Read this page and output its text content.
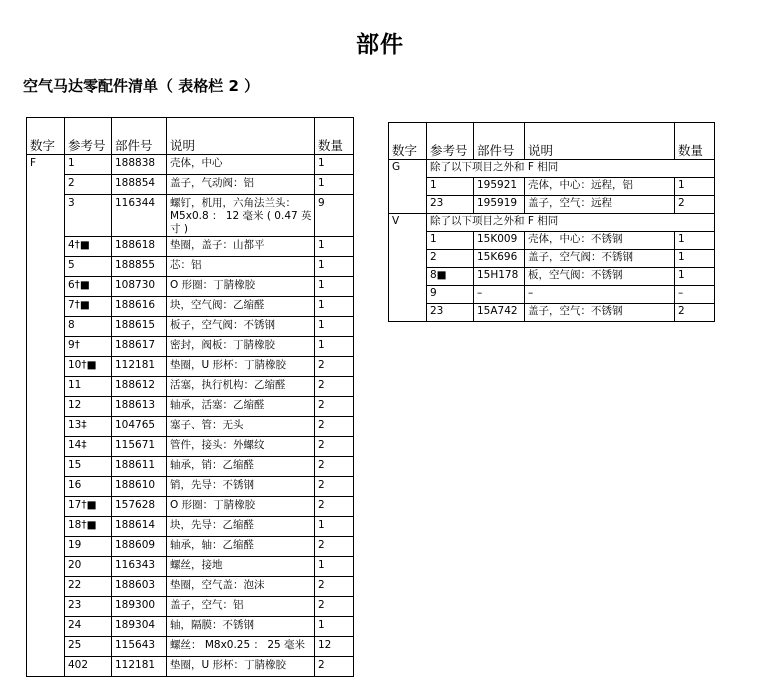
部件
空气马达零配件清单（ 表格栏 2 ）
数字	参考号	部件号	说明	数量
F	1	188838	壳体，中心	1
	2	188854	盖子，气动阀：铝	1
	3	116344	螺钉，机用，六角法兰头： M5x0.8 ： 12 毫米 ( 0.47 英寸 )	9
	4†■	188618	垫圈，盖子：山都平	1
	5	188855	芯：铝	1
	6†■	108730	O 形圈：丁腈橡胶	1
	7†■	188616	块，空气阀：乙缩醛	1
	8	188615	板子，空气阀：不锈钢	1
	9†	188617	密封，阀板：丁腈橡胶	1
	10†■	112181	垫圈，U 形杯：丁腈橡胶	2
	11	188612	活塞，执行机构：乙缩醛	2
	12	188613	轴承，活塞：乙缩醛	2
	13‡	104765	塞子、管：无头	2
	14‡	115671	管件，接头：外螺纹	2
	15	188611	轴承，销：乙缩醛	2
	16	188610	销，先导：不锈钢	2
	17†■	157628	O 形圈：丁腈橡胶	2
	18†■	188614	块，先导：乙缩醛	1
	19	188609	轴承，轴：乙缩醛	2
	20	116343	螺丝，接地	1
	22	188603	垫圈，空气盖：泡沫	2
	23	189300	盖子，空气：铝	2
	24	189304	轴，隔膜：不锈钢	1
	25	115643	螺丝： M8x0.25 ： 25 毫米	12
	402	112181	垫圈，U 形杯：丁腈橡胶	2
数字	参考号	部件号	说明	数量
G	除了以下项目之外和 F 相同			
	1	195921	壳体，中心：远程，铝	1
	23	195919	盖子，空气：远程	2
V	除了以下项目之外和 F 相同			
	1	15K009	壳体，中心：不锈钢	1
	2	15K696	盖子，空气阀：不锈钢	1
	8■	15H178	板，空气阀：不锈钢	1
	9	–	–	–
	23	15A742	盖子，空气：不锈钢	2
